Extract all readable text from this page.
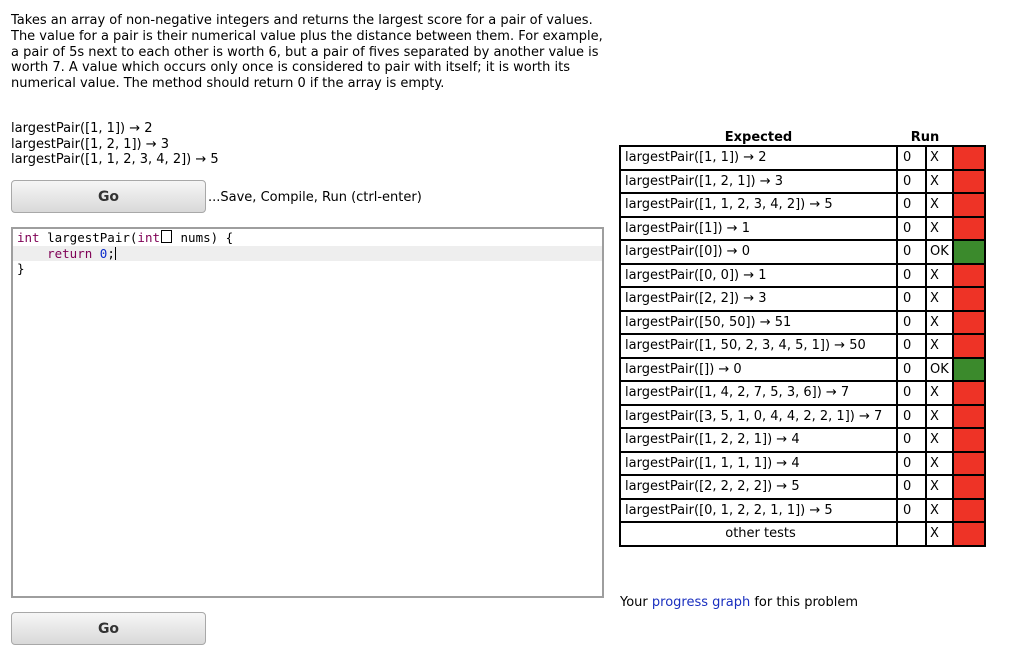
Takes an array of non-negative integers and returns the largest score for a pair of values. The value for a pair is their numerical value plus the distance between them. For example, a pair of 5s next to each other is worth 6, but a pair of fives separated by another value is worth 7. A value which occurs only once is considered to pair with itself; it is worth its numerical value. The method should return 0 if the array is empty.

largestPair([1, 1]) → 2
largestPair([1, 2, 1]) → 3
largestPair([1, 1, 2, 3, 4, 2]) → 5
Go	...Save, Compile, Run (ctrl-enter)
int largestPair(int nums) {
return 0;
}
Go
Expected	Run		
largestPair([1, 1]) → 2	0	X	
largestPair([1, 2, 1]) → 3	0	X	
largestPair([1, 1, 2, 3, 4, 2]) → 5	0	X	
largestPair([1]) → 1	0	X	
largestPair([0]) → 0	0	OK	
largestPair([0, 0]) → 1	0	X	
largestPair([2, 2]) → 3	0	X	
largestPair([50, 50]) → 51	0	X	
largestPair([1, 50, 2, 3, 4, 5, 1]) → 50	0	X	
largestPair([]) → 0	0	OK	
largestPair([1, 4, 2, 7, 5, 3, 6]) → 7	0	X	
largestPair([3, 5, 1, 0, 4, 4, 2, 2, 1]) → 7	0	X	
largestPair([1, 2, 2, 1]) → 4	0	X	
largestPair([1, 1, 1, 1]) → 4	0	X	
largestPair([2, 2, 2, 2]) → 5	0	X	
largestPair([0, 1, 2, 2, 1, 1]) → 5	0	X	
other tests		X	
Your progress graph for this problem
